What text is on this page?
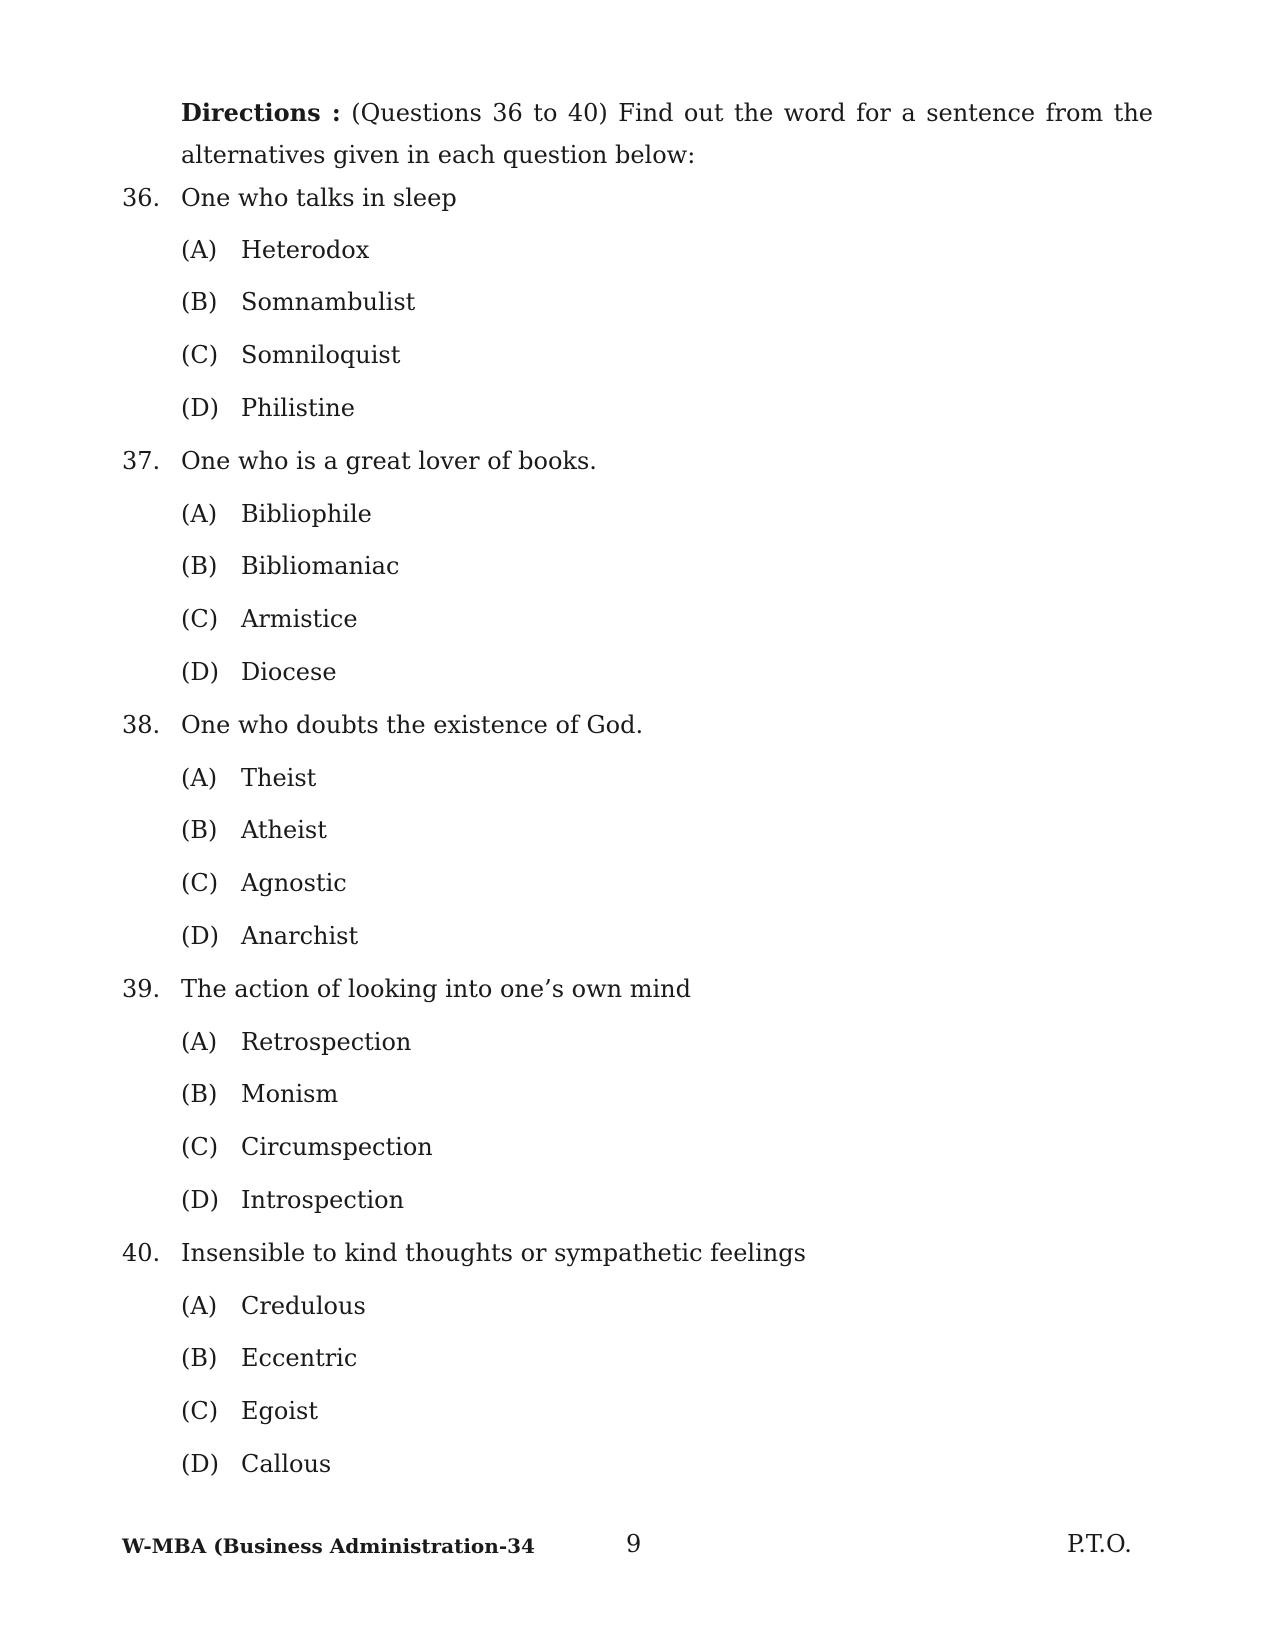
Directions : (Questions 36 to 40) Find out the word for a sentence from the alternatives given in each question below:
36. One who talks in sleep
(A) Heterodox
(B) Somnambulist
(C) Somniloquist
(D) Philistine
37. One who is a great lover of books.
(A) Bibliophile
(B) Bibliomaniac
(C) Armistice
(D) Diocese
38. One who doubts the existence of God.
(A) Theist
(B) Atheist
(C) Agnostic
(D) Anarchist
39. The action of looking into one’s own mind
(A) Retrospection
(B) Monism
(C) Circumspection
(D) Introspection
40. Insensible to kind thoughts or sympathetic feelings
(A) Credulous
(B) Eccentric
(C) Egoist
(D) Callous
W-MBA (Business Administration-34	9	P.T.O.
